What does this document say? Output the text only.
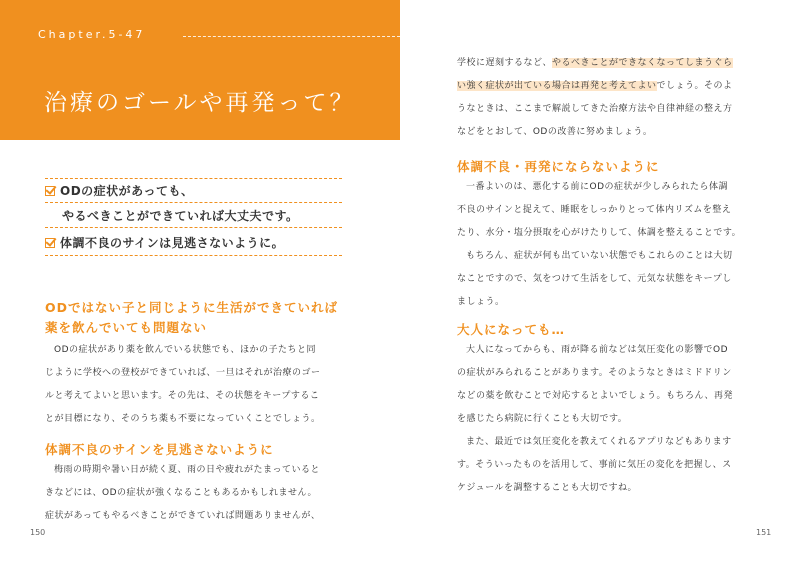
Chapter.5-47
治療のゴールや再発って？
ODの症状があっても、
やるべきことができていれば大丈夫です。
体調不良のサインは見逃さないように。
ODではない子と同じように生活ができていれば
薬を飲んでいても問題ない
ODの症状があり薬を飲んでいる状態でも、ほかの子たちと同
じように学校への登校ができていれば、一旦はそれが治療のゴー
ルと考えてよいと思います。その先は、その状態をキープするこ
とが目標になり、そのうち薬も不要になっていくことでしょう。
体調不良のサインを見逃さないように
梅雨の時期や暑い日が続く夏、雨の日や疲れがたまっていると
きなどには、ODの症状が強くなることもあるかもしれません。
症状があってもやるべきことができていれば問題ありませんが、
150
学校に遅刻するなど、やるべきことができなくなってしまうぐら
い強く症状が出ている場合は再発と考えてよいでしょう。そのよ
うなときは、ここまで解説してきた治療方法や自律神経の整え方
などをとおして、ODの改善に努めましょう。
体調不良・再発にならないように
一番よいのは、悪化する前にODの症状が少しみられたら体調
不良のサインと捉えて、睡眠をしっかりとって体内リズムを整え
たり、水分・塩分摂取を心がけたりして、体調を整えることです。
もちろん、症状が何も出ていない状態でもこれらのことは大切
なことですので、気をつけて生活をして、元気な状態をキープし
ましょう。
大人になっても…
大人になってからも、雨が降る前などは気圧変化の影響でOD
の症状がみられることがあります。そのようなときはミドドリン
などの薬を飲むことで対応するとよいでしょう。もちろん、再発
を感じたら病院に行くことも大切です。
また、最近では気圧変化を教えてくれるアプリなどもあります
す。そういったものを活用して、事前に気圧の変化を把握し、ス
ケジュールを調整することも大切ですね。
151
